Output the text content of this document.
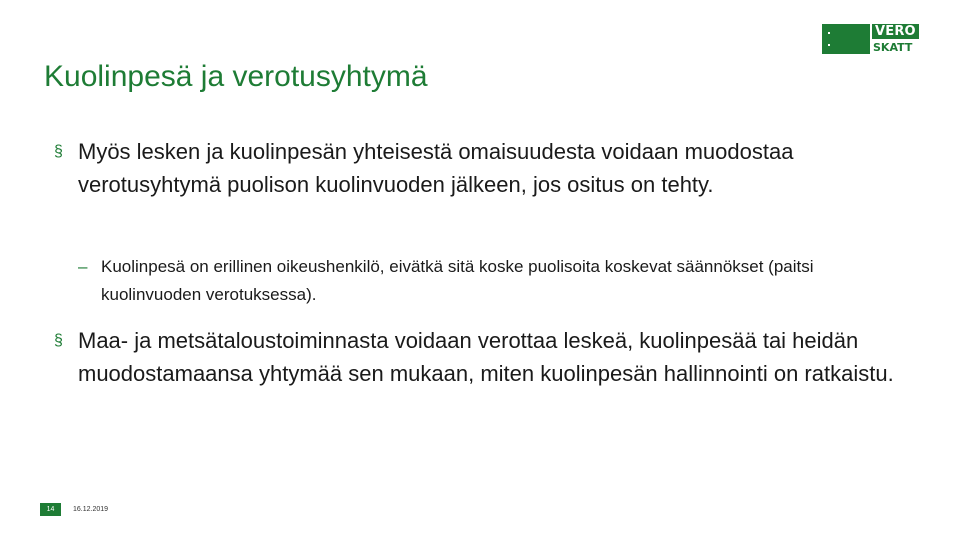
VERO
SKATT
Kuolinpesä ja verotusyhtymä
§ Myös lesken ja kuolinpesän yhteisestä omaisuudesta voidaan muodostaa verotusyhtymä puolison kuolinvuoden jälkeen, jos ositus on tehty.
– Kuolinpesä on erillinen oikeushenkilö, eivätkä sitä koske puolisoita koskevat säännökset (paitsi kuolinvuoden verotuksessa).
§ Maa- ja metsätaloustoiminnasta voidaan verottaa leskeä, kuolinpesää tai heidän muodostamaansa yhtymää sen mukaan, miten kuolinpesän hallinnointi on ratkaistu.
14	16.12.2019
